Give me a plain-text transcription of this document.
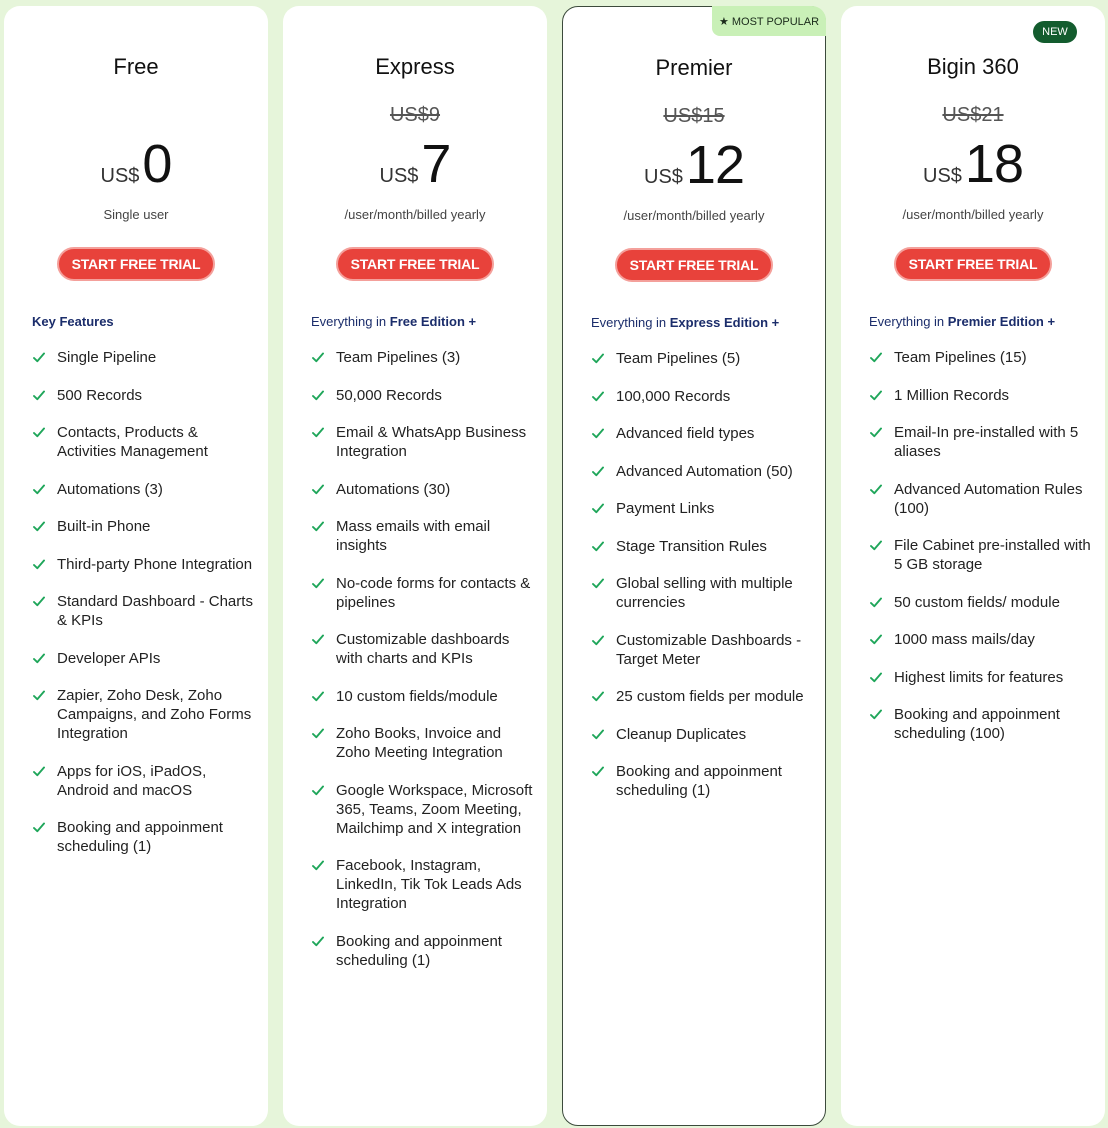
Free
US$ 0
Single user
START FREE TRIAL
Key Features
Single Pipeline
500 Records
Contacts, Products & Activities Management
Automations (3)
Built-in Phone
Third-party Phone Integration
Standard Dashboard - Charts & KPIs
Developer APIs
Zapier, Zoho Desk, Zoho Campaigns, and Zoho Forms Integration
Apps for iOS, iPadOS, Android and macOS
Booking and appoinment scheduling (1)
Express
US$9
US$ 7
/user/month/billed yearly
START FREE TRIAL
Everything in Free Edition +
Team Pipelines (3)
50,000 Records
Email & WhatsApp Business Integration
Automations (30)
Mass emails with email insights
No-code forms for contacts & pipelines
Customizable dashboards with charts and KPIs
10 custom fields/module
Zoho Books, Invoice and Zoho Meeting Integration
Google Workspace, Microsoft 365, Teams, Zoom Meeting, Mailchimp and X integration
Facebook, Instagram, LinkedIn, Tik Tok Leads Ads Integration
Booking and appoinment scheduling (1)
★ MOST POPULAR
Premier
US$15
US$ 12
/user/month/billed yearly
START FREE TRIAL
Everything in Express Edition +
Team Pipelines (5)
100,000 Records
Advanced field types
Advanced Automation (50)
Payment Links
Stage Transition Rules
Global selling with multiple currencies
Customizable Dashboards - Target Meter
25 custom fields per module
Cleanup Duplicates
Booking and appoinment scheduling (1)
NEW
Bigin 360
US$21
US$ 18
/user/month/billed yearly
START FREE TRIAL
Everything in Premier Edition +
Team Pipelines (15)
1 Million Records
Email-In pre-installed with 5 aliases
Advanced Automation Rules (100)
File Cabinet pre-installed with 5 GB storage
50 custom fields/ module
1000 mass mails/day
Highest limits for features
Booking and appoinment scheduling (100)
